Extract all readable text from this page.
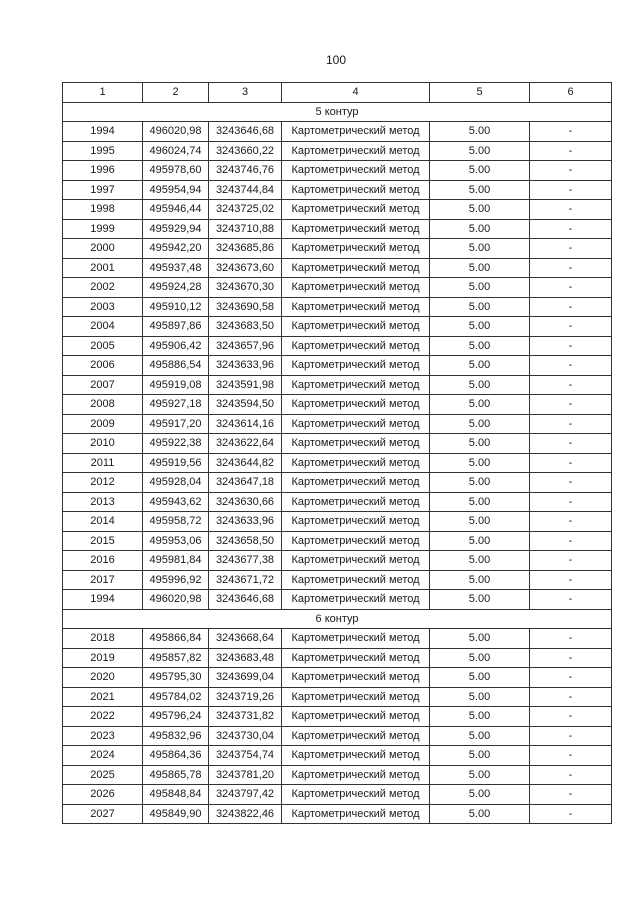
100
1	2	3	4	5	6
5 контур					
1994	496020,98	3243646,68	Картометрический метод	5.00	-
1995	496024,74	3243660,22	Картометрический метод	5.00	-
1996	495978,60	3243746,76	Картометрический метод	5.00	-
1997	495954,94	3243744,84	Картометрический метод	5.00	-
1998	495946,44	3243725,02	Картометрический метод	5.00	-
1999	495929,94	3243710,88	Картометрический метод	5.00	-
2000	495942,20	3243685,86	Картометрический метод	5.00	-
2001	495937,48	3243673,60	Картометрический метод	5.00	-
2002	495924,28	3243670,30	Картометрический метод	5.00	-
2003	495910,12	3243690,58	Картометрический метод	5.00	-
2004	495897,86	3243683,50	Картометрический метод	5.00	-
2005	495906,42	3243657,96	Картометрический метод	5.00	-
2006	495886,54	3243633,96	Картометрический метод	5.00	-
2007	495919,08	3243591,98	Картометрический метод	5.00	-
2008	495927,18	3243594,50	Картометрический метод	5.00	-
2009	495917,20	3243614,16	Картометрический метод	5.00	-
2010	495922,38	3243622,64	Картометрический метод	5.00	-
2011	495919,56	3243644,82	Картометрический метод	5.00	-
2012	495928,04	3243647,18	Картометрический метод	5.00	-
2013	495943,62	3243630,66	Картометрический метод	5.00	-
2014	495958,72	3243633,96	Картометрический метод	5.00	-
2015	495953,06	3243658,50	Картометрический метод	5.00	-
2016	495981,84	3243677,38	Картометрический метод	5.00	-
2017	495996,92	3243671,72	Картометрический метод	5.00	-
1994	496020,98	3243646,68	Картометрический метод	5.00	-
6 контур					
2018	495866,84	3243668,64	Картометрический метод	5.00	-
2019	495857,82	3243683,48	Картометрический метод	5.00	-
2020	495795,30	3243699,04	Картометрический метод	5.00	-
2021	495784,02	3243719,26	Картометрический метод	5.00	-
2022	495796,24	3243731,82	Картометрический метод	5.00	-
2023	495832,96	3243730,04	Картометрический метод	5.00	-
2024	495864,36	3243754,74	Картометрический метод	5.00	-
2025	495865,78	3243781,20	Картометрический метод	5.00	-
2026	495848,84	3243797,42	Картометрический метод	5.00	-
2027	495849,90	3243822,46	Картометрический метод	5.00	-
